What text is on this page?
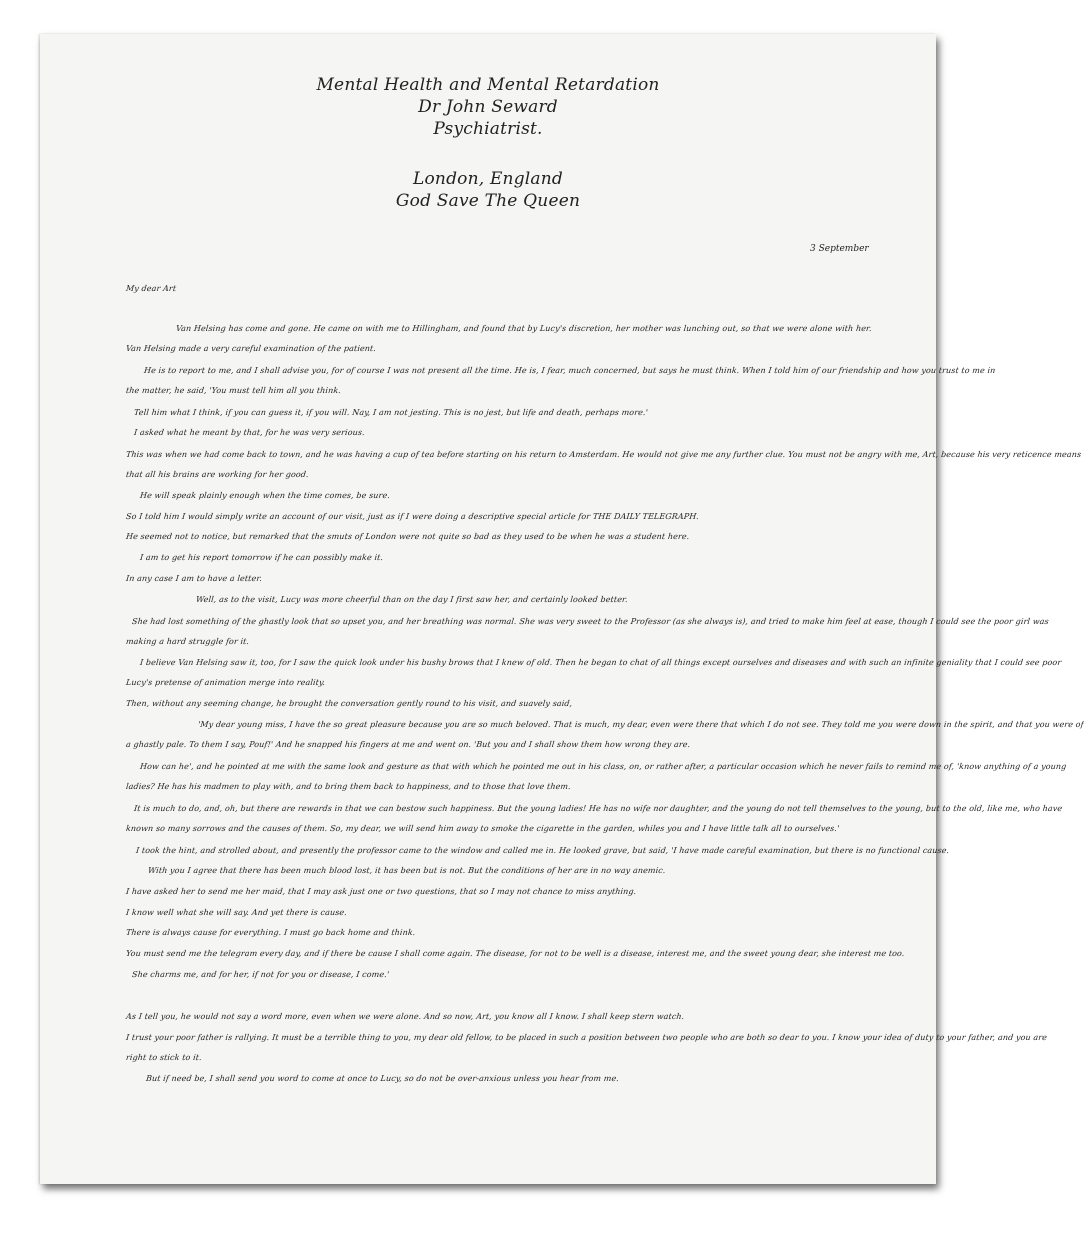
Mental Health and Mental Retardation
Dr John Seward
Psychiatrist.
London, England
God Save The Queen
3 September
My dear Art
Van Helsing has come and gone. He came on with me to Hillingham, and found that by Lucy's discretion, her mother was lunching out, so that we were alone with her.
Van Helsing made a very careful examination of the patient.
He is to report to me, and I shall advise you, for of course I was not present all the time. He is, I fear, much concerned, but says he must think. When I told him of our friendship and how you trust to me in
the matter, he said, 'You must tell him all you think.
Tell him what I think, if you can guess it, if you will. Nay, I am not jesting. This is no jest, but life and death, perhaps more.'
I asked what he meant by that, for he was very serious.
This was when we had come back to town, and he was having a cup of tea before starting on his return to Amsterdam. He would not give me any further clue. You must not be angry with me, Art, because his very reticence means
that all his brains are working for her good.
He will speak plainly enough when the time comes, be sure.
So I told him I would simply write an account of our visit, just as if I were doing a descriptive special article for THE DAILY TELEGRAPH.
He seemed not to notice, but remarked that the smuts of London were not quite so bad as they used to be when he was a student here.
I am to get his report tomorrow if he can possibly make it.
In any case I am to have a letter.
Well, as to the visit, Lucy was more cheerful than on the day I first saw her, and certainly looked better.
She had lost something of the ghastly look that so upset you, and her breathing was normal. She was very sweet to the Professor (as she always is), and tried to make him feel at ease, though I could see the poor girl was
making a hard struggle for it.
I believe Van Helsing saw it, too, for I saw the quick look under his bushy brows that I knew of old. Then he began to chat of all things except ourselves and diseases and with such an infinite geniality that I could see poor
Lucy's pretense of animation merge into reality.
Then, without any seeming change, he brought the conversation gently round to his visit, and suavely said,
'My dear young miss, I have the so great pleasure because you are so much beloved. That is much, my dear, even were there that which I do not see. They told me you were down in the spirit, and that you were of
a ghastly pale. To them I say, Pouf!' And he snapped his fingers at me and went on. 'But you and I shall show them how wrong they are.
How can he', and he pointed at me with the same look and gesture as that with which he pointed me out in his class, on, or rather after, a particular occasion which he never fails to remind me of, 'know anything of a young
ladies? He has his madmen to play with, and to bring them back to happiness, and to those that love them.
It is much to do, and, oh, but there are rewards in that we can bestow such happiness. But the young ladies! He has no wife nor daughter, and the young do not tell themselves to the young, but to the old, like me, who have
known so many sorrows and the causes of them. So, my dear, we will send him away to smoke the cigarette in the garden, whiles you and I have little talk all to ourselves.'
I took the hint, and strolled about, and presently the professor came to the window and called me in. He looked grave, but said, 'I have made careful examination, but there is no functional cause.
With you I agree that there has been much blood lost, it has been but is not. But the conditions of her are in no way anemic.
I have asked her to send me her maid, that I may ask just one or two questions, that so I may not chance to miss anything.
I know well what she will say. And yet there is cause.
There is always cause for everything. I must go back home and think.
You must send me the telegram every day, and if there be cause I shall come again. The disease, for not to be well is a disease, interest me, and the sweet young dear, she interest me too.
She charms me, and for her, if not for you or disease, I come.'
As I tell you, he would not say a word more, even when we were alone. And so now, Art, you know all I know. I shall keep stern watch.
I trust your poor father is rallying. It must be a terrible thing to you, my dear old fellow, to be placed in such a position between two people who are both so dear to you. I know your idea of duty to your father, and you are
right to stick to it.
But if need be, I shall send you word to come at once to Lucy, so do not be over-anxious unless you hear from me.
